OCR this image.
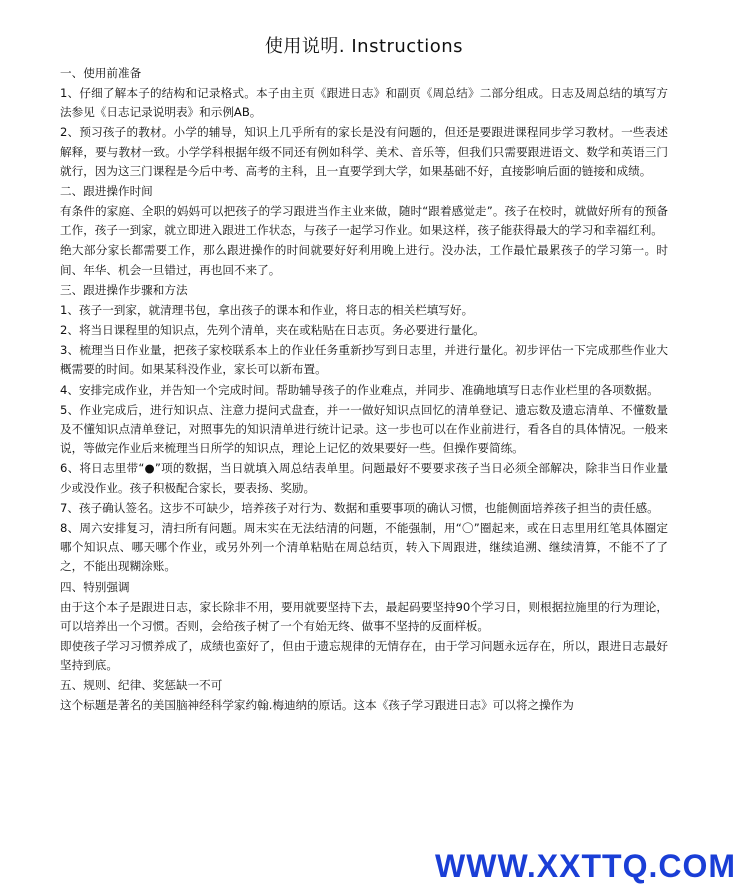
使用说明. Instructions
一、使用前准备
1、仔细了解本子的结构和记录格式。本子由主页《跟进日志》和副页《周总结》二部分组成。日志及周总结的填写方法参见《日志记录说明表》和示例AB。
2、预习孩子的教材。小学的辅导，知识上几乎所有的家长是没有问题的，但还是要跟进课程同步学习教材。一些表述解释，要与教材一致。小学学科根据年级不同还有例如科学、美术、音乐等，但我们只需要跟进语文、数学和英语三门就行，因为这三门课程是今后中考、高考的主科，且一直要学到大学，如果基础不好，直接影响后面的链接和成绩。
二、跟进操作时间
有条件的家庭、全职的妈妈可以把孩子的学习跟进当作主业来做，随时“跟着感觉走”。孩子在校时，就做好所有的预备工作，孩子一到家，就立即进入跟进工作状态，与孩子一起学习作业。如果这样，孩子能获得最大的学习和幸福红利。
绝大部分家长都需要工作，那么跟进操作的时间就要好好利用晚上进行。没办法，工作最忙最累孩子的学习第一。时间、年华、机会一旦错过，再也回不来了。
三、跟进操作步骤和方法
1、孩子一到家，就清理书包，拿出孩子的课本和作业，将日志的相关栏填写好。
2、将当日课程里的知识点，先列个清单，夹在或粘贴在日志页。务必要进行量化。
3、梳理当日作业量，把孩子家校联系本上的作业任务重新抄写到日志里，并进行量化。初步评估一下完成那些作业大概需要的时间。如果某科没作业，家长可以新布置。
4、安排完成作业，并告知一个完成时间。帮助辅导孩子的作业难点，并同步、准确地填写日志作业栏里的各项数据。
5、作业完成后，进行知识点、注意力提问式盘查，并一一做好知识点回忆的清单登记、遗忘数及遗忘清单、不懂数量及不懂知识点清单登记，对照事先的知识清单进行统计记录。这一步也可以在作业前进行，看各自的具体情况。一般来说，等做完作业后来梳理当日所学的知识点，理论上记忆的效果要好一些。但操作要简练。
6、将日志里带“●”项的数据，当日就填入周总结表单里。问题最好不要要求孩子当日必须全部解决，除非当日作业量少或没作业。孩子积极配合家长，要表扬、奖励。
7、孩子确认签名。这步不可缺少，培养孩子对行为、数据和重要事项的确认习惯，也能侧面培养孩子担当的责任感。
8、周六安排复习，清扫所有问题。周末实在无法结清的问题，不能强制，用“〇”圈起来，或在日志里用红笔具体圈定哪个知识点、哪天哪个作业，或另外列一个清单粘贴在周总结页，转入下周跟进，继续追溯、继续清算，不能不了了之，不能出现糊涂账。
四、特别强调
由于这个本子是跟进日志，家长除非不用，要用就要坚持下去，最起码要坚持90个学习日，则根据拉施里的行为理论，可以培养出一个习惯。否则，会给孩子树了一个有始无终、做事不坚持的反面样板。
即使孩子学习习惯养成了，成绩也蛮好了，但由于遗忘规律的无情存在，由于学习问题永远存在，所以，跟进日志最好坚持到底。
五、规则、纪律、奖惩缺一不可
这个标题是著名的美国脑神经科学家约翰.梅迪纳的原话。这本《孩子学习跟进日志》可以将之操作为
WWW.XXTTQ.COM
